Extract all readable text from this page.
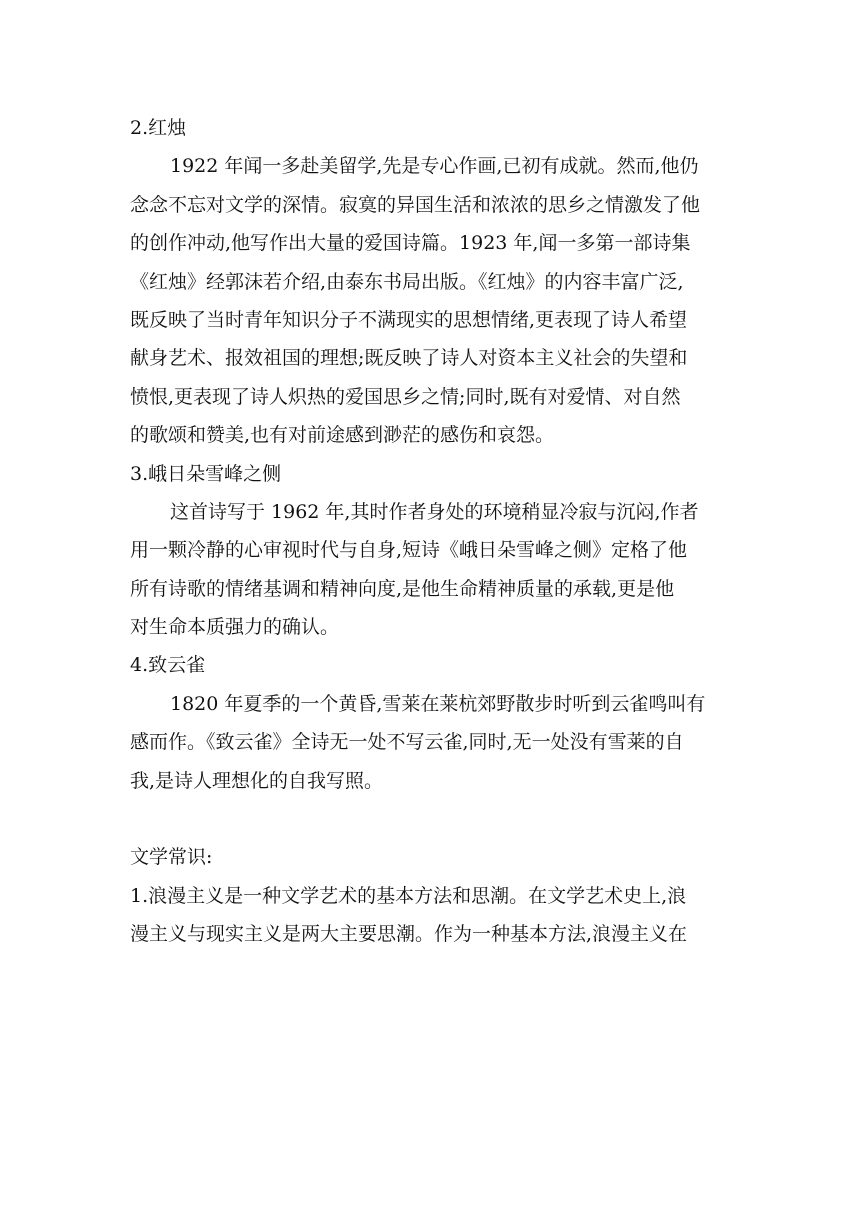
2.红烛
1922 年闻一多赴美留学,先是专心作画,已初有成就。然而,他仍
念念不忘对文学的深情。寂寞的异国生活和浓浓的思乡之情激发了他
的创作冲动,他写作出大量的爱国诗篇。1923 年,闻一多第一部诗集
《红烛》经郭沫若介绍,由泰东书局出版。《红烛》的内容丰富广泛,
既反映了当时青年知识分子不满现实的思想情绪,更表现了诗人希望
献身艺术、报效祖国的理想;既反映了诗人对资本主义社会的失望和
愤恨,更表现了诗人炽热的爱国思乡之情;同时,既有对爱情、对自然
的歌颂和赞美,也有对前途感到渺茫的感伤和哀怨。
3.峨日朵雪峰之侧
这首诗写于 1962 年,其时作者身处的环境稍显冷寂与沉闷,作者
用一颗冷静的心审视时代与自身,短诗《峨日朵雪峰之侧》定格了他
所有诗歌的情绪基调和精神向度,是他生命精神质量的承载,更是他
对生命本质强力的确认。
4.致云雀
1820 年夏季的一个黄昏,雪莱在莱杭郊野散步时听到云雀鸣叫有
感而作。《致云雀》全诗无一处不写云雀,同时,无一处没有雪莱的自
我,是诗人理想化的自我写照。
文学常识:
1.浪漫主义是一种文学艺术的基本方法和思潮。在文学艺术史上,浪
漫主义与现实主义是两大主要思潮。作为一种基本方法,浪漫主义在
